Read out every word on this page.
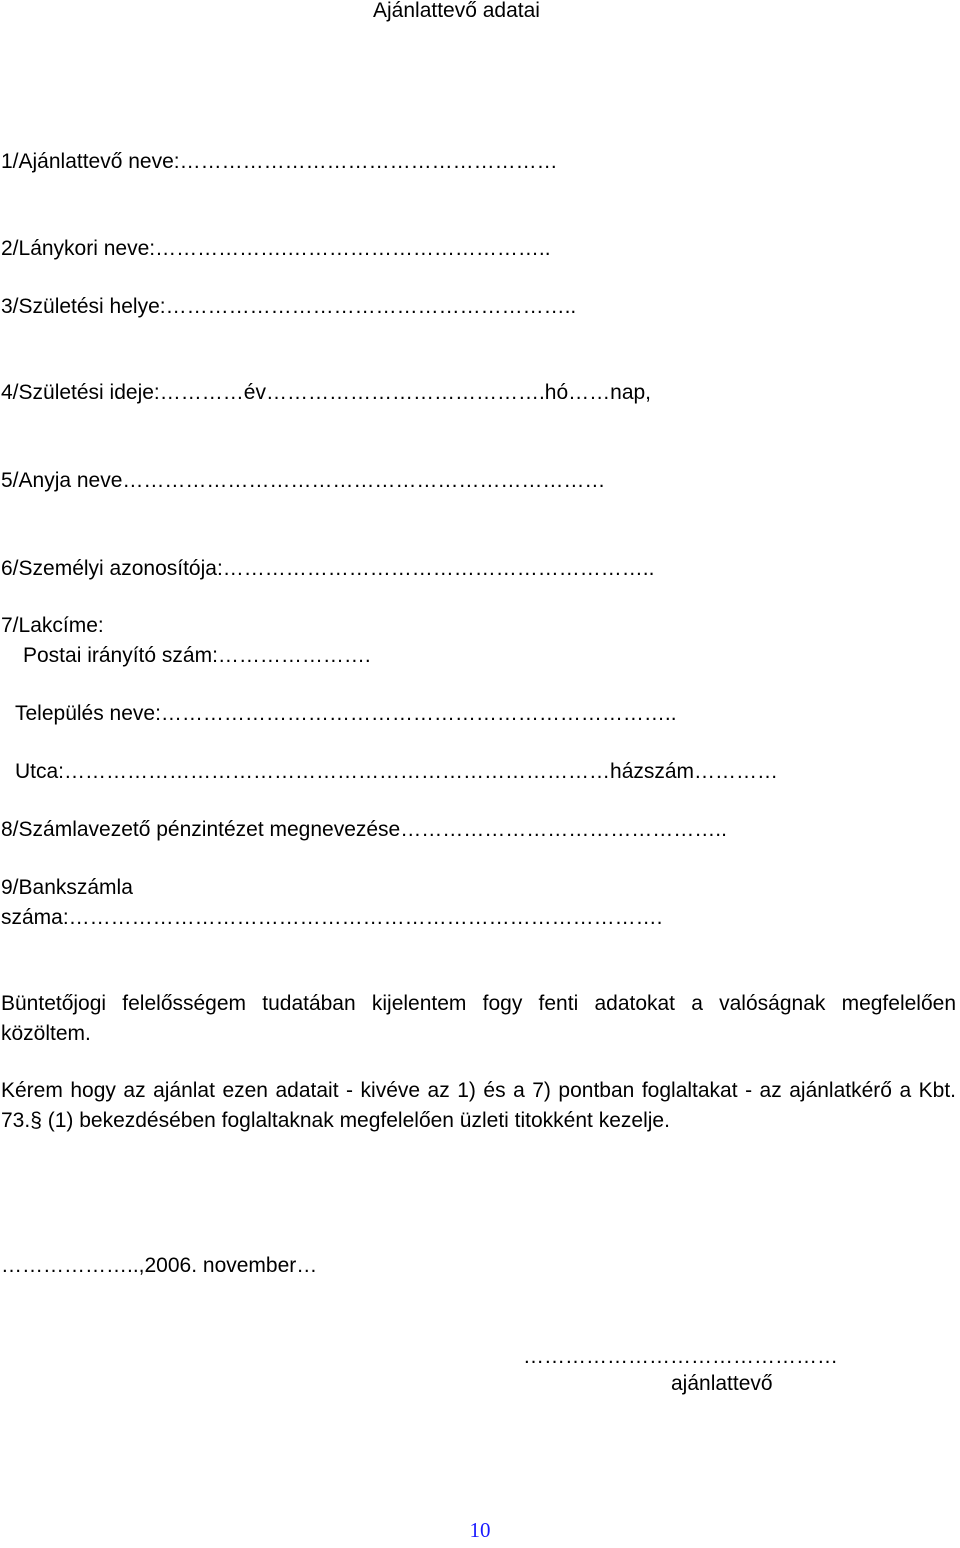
Ajánlattevő adatai
1/Ajánlattevő neve:………………………………………………
2/Lánykori neve:……………….………………………………..
3/Születési helye:…………………………………………………..
4/Születési ideje:…………év………………………………….hó……nap,
5/Anyja neve……………………………………………………………
6/Személyi azonosítója:……………………………………………………..
7/Lakcíme:
Postai irányító szám:………………….
Település neve:………………………………………………………………..
Utca:……………………………………………………………………házszám…………
8/Számlavezető pénzintézet megnevezése………………………………………..
9/Bankszámla
száma:………………………………………………………………………….
Büntetőjogi felelősségem tudatában kijelentem fogy fenti adatokat a valóságnak megfelelően közöltem.
Kérem hogy az ajánlat ezen adatait - kivéve az 1) és a 7) pontban foglaltakat - az ajánlatkérő a Kbt. 73.§ (1) bekezdésében foglaltaknak megfelelően üzleti titokként kezelje.
………………..,2006. november…
………………………………………
ajánlattevő
10
